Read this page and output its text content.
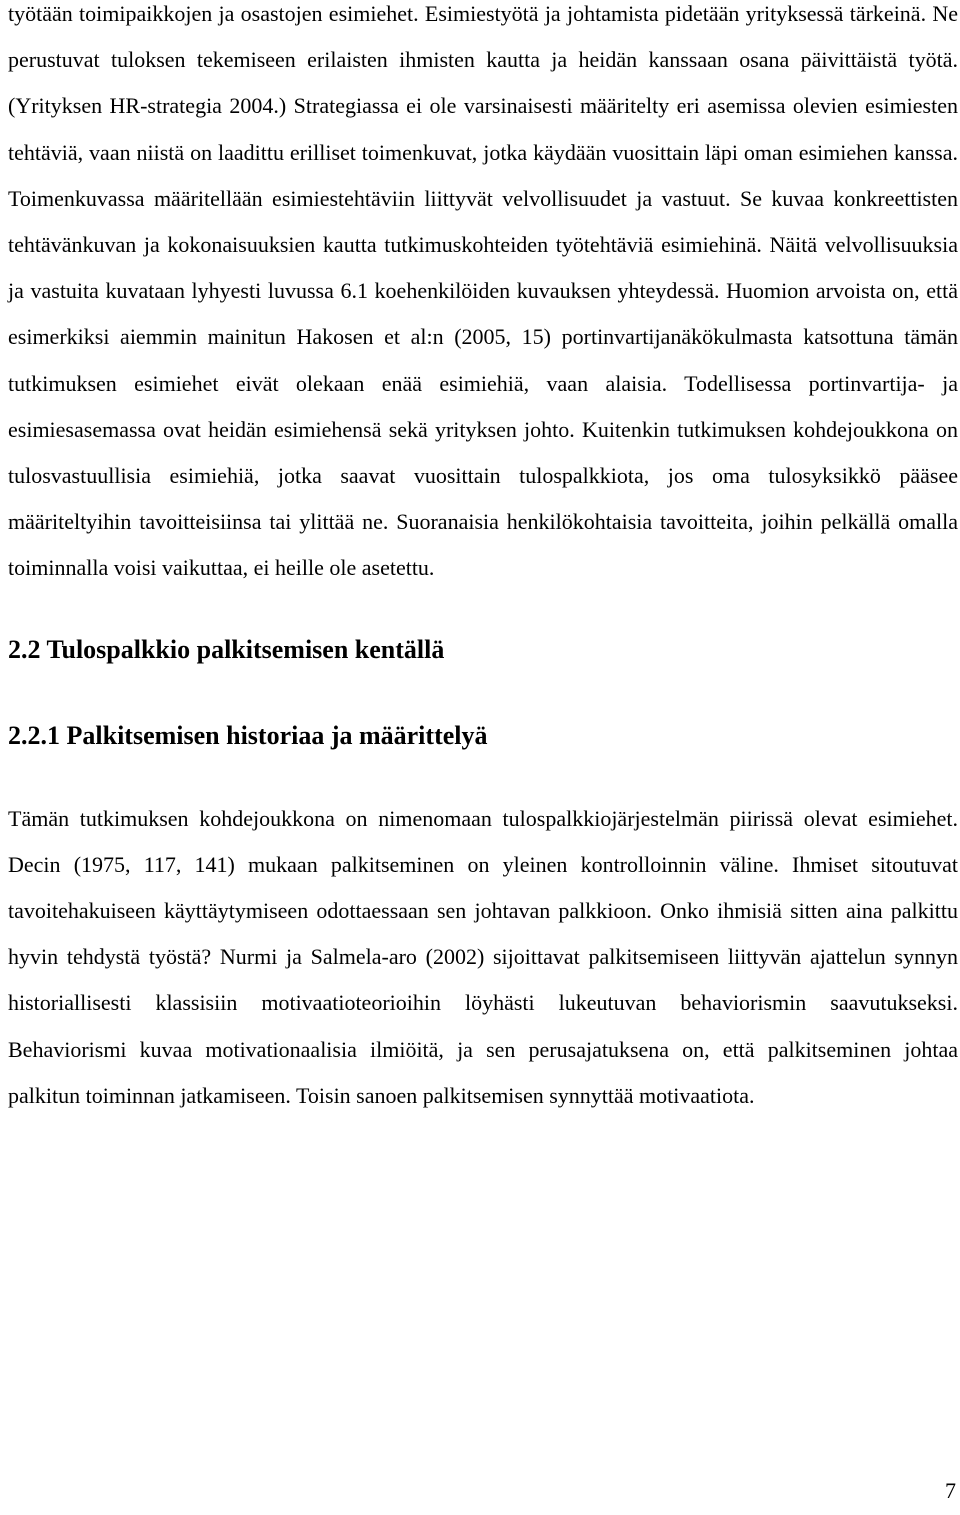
työtään toimipaikkojen ja osastojen esimiehet. Esimiestyötä ja johtamista pidetään yrityksessä tärkeinä. Ne perustuvat tuloksen tekemiseen erilaisten ihmisten kautta ja heidän kanssaan osana päivittäistä työtä. (Yrityksen HR-strategia 2004.) Strategiassa ei ole varsinaisesti määritelty eri asemissa olevien esimiesten tehtäviä, vaan niistä on laadittu erilliset toimenkuvat, jotka käydään vuosittain läpi oman esimiehen kanssa. Toimenkuvassa määritellään esimiestehtäviin liittyvät velvollisuudet ja vastuut. Se kuvaa konkreettisten tehtävänkuvan ja kokonaisuuksien kautta tutkimuskohteiden työtehtäviä esimiehinä. Näitä velvollisuuksia ja vastuita kuvataan lyhyesti luvussa 6.1 koehenkilöiden kuvauksen yhteydessä. Huomion arvoista on, että esimerkiksi aiemmin mainitun Hakosen et al:n (2005, 15) portinvartijanäkökulmasta katsottuna tämän tutkimuksen esimiehet eivät olekaan enää esimiehiä, vaan alaisia. Todellisessa portinvartija- ja esimiesasemassa ovat heidän esimiehensä sekä yrityksen johto. Kuitenkin tutkimuksen kohdejoukkona on tulosvastuullisia esimiehiä, jotka saavat vuosittain tulospalkkiota, jos oma tulosyksikkö pääsee määriteltyihin tavoitteisiinsa tai ylittää ne. Suoranaisia henkilökohtaisia tavoitteita, joihin pelkällä omalla toiminnalla voisi vaikuttaa, ei heille ole asetettu.

2.2 Tulospalkkio palkitsemisen kentällä
2.2.1 Palkitsemisen historiaa ja määrittelyä

Tämän tutkimuksen kohdejoukkona on nimenomaan tulospalkkiojärjestelmän piirissä olevat esimiehet. Decin (1975, 117, 141) mukaan palkitseminen on yleinen kontrolloinnin väline. Ihmiset sitoutuvat tavoitehakuiseen käyttäytymiseen odottaessaan sen johtavan palkkioon. Onko ihmisiä sitten aina palkittu hyvin tehdystä työstä? Nurmi ja Salmela-aro (2002) sijoittavat palkitsemiseen liittyvän ajattelun synnyn historiallisesti klassisiin motivaatioteorioihin löyhästi lukeutuvan behaviorismin saavutukseksi. Behaviorismi kuvaa motivationaalisia ilmiöitä, ja sen perusajatuksena on, että palkitseminen johtaa palkitun toiminnan jatkamiseen. Toisin sanoen palkitsemisen synnyttää motivaatiota.

7
